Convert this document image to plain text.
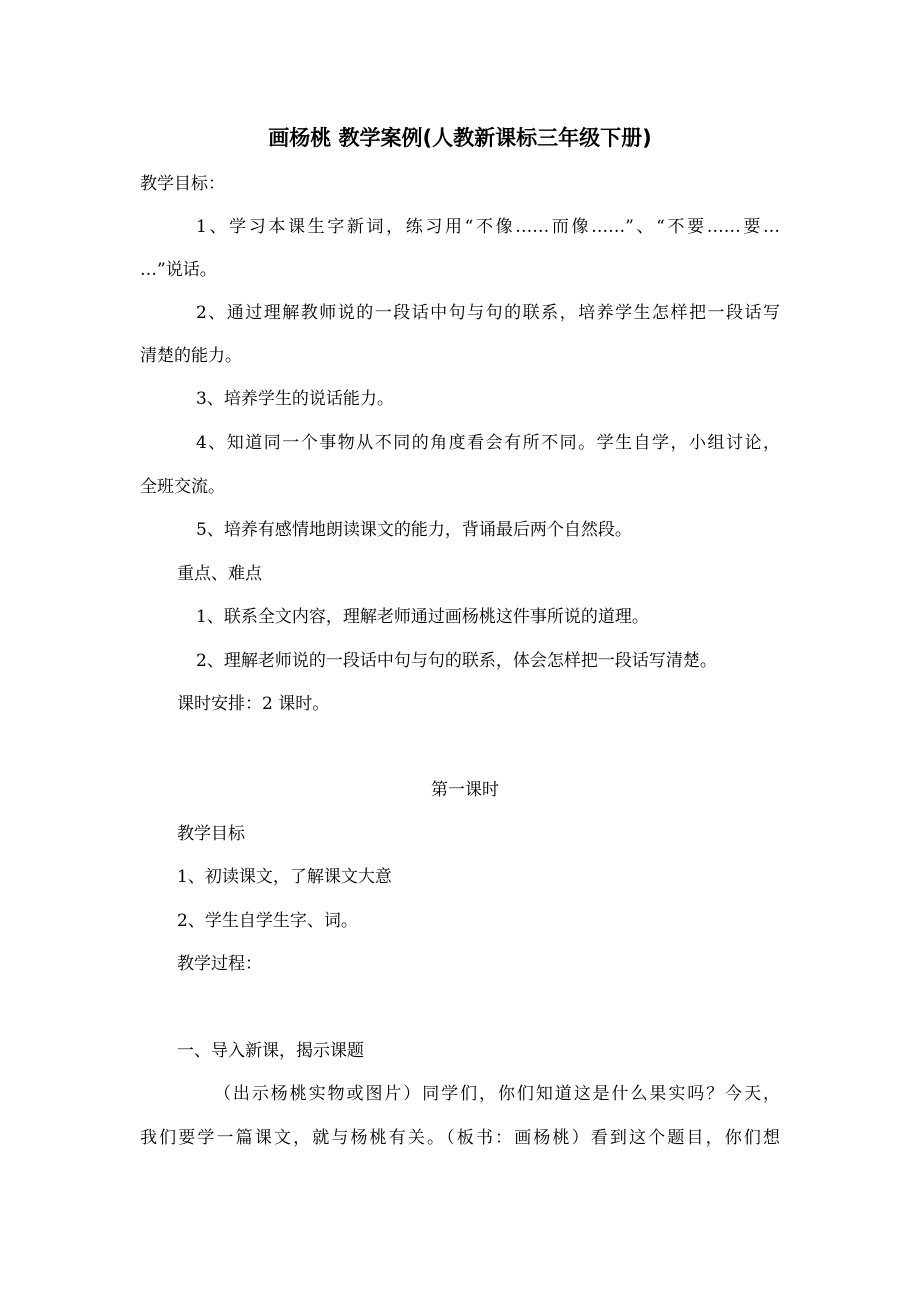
画杨桃 教学案例(人教新课标三年级下册)
教学目标：
1、学习本课生字新词，练习用“不像……而像……”、“不要……要…
…”说话。
2、通过理解教师说的一段话中句与句的联系，培养学生怎样把一段话写
清楚的能力。
3、培养学生的说话能力。
4、知道同一个事物从不同的角度看会有所不同。学生自学，小组讨论，
全班交流。
5、培养有感情地朗读课文的能力，背诵最后两个自然段。
重点、难点
1、联系全文内容，理解老师通过画杨桃这件事所说的道理。
2、理解老师说的一段话中句与句的联系，体会怎样把一段话写清楚。
课时安排：2 课时。
第一课时
教学目标
1、初读课文，了解课文大意
2、学生自学生字、词。
教学过程：
一、导入新课，揭示课题
（出示杨桃实物或图片）同学们，你们知道这是什么果实吗？今天，
我们要学一篇课文，就与杨桃有关。（板书：画杨桃）看到这个题目，你们想
